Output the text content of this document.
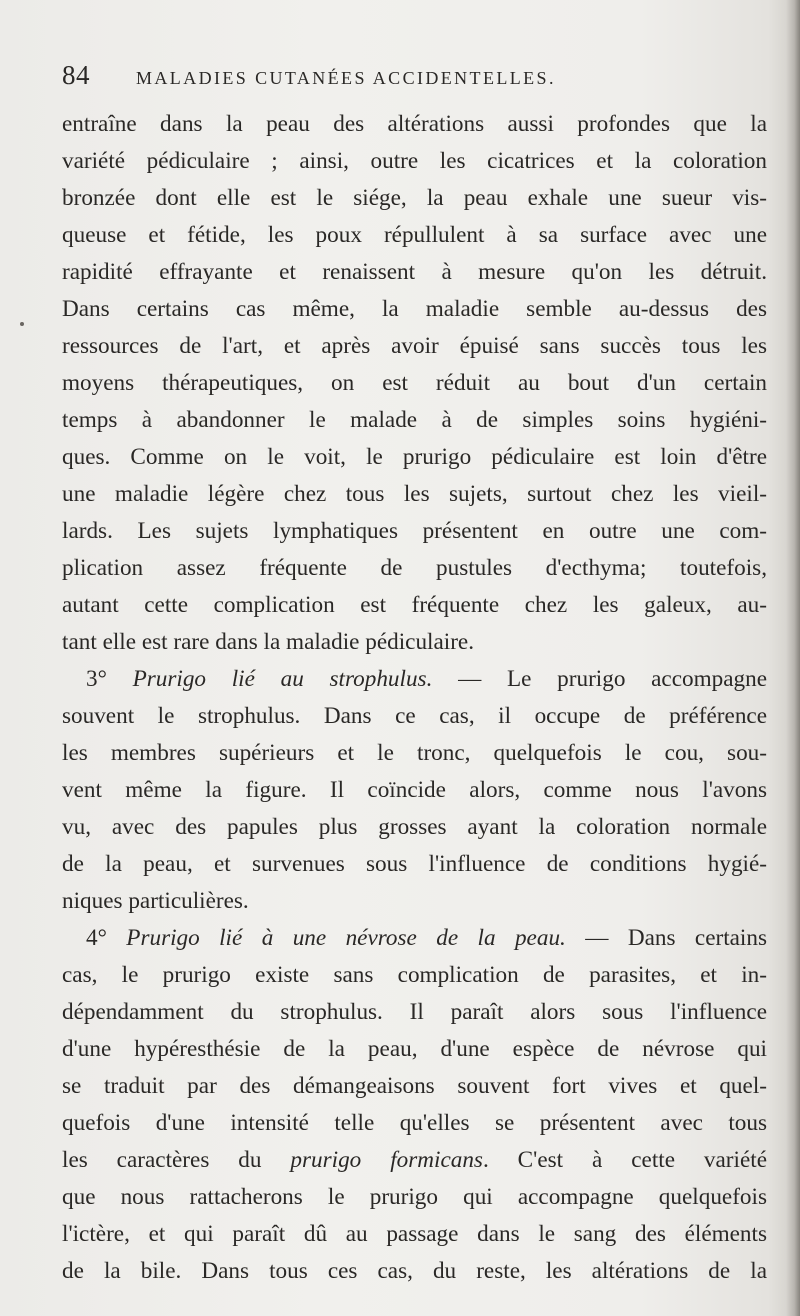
84	MALADIES CUTANÉES ACCIDENTELLES.
entraîne dans la peau des altérations aussi profondes que la
variété pédiculaire ; ainsi, outre les cicatrices et la coloration
bronzée dont elle est le siége, la peau exhale une sueur vis-
queuse et fétide, les poux répullulent à sa surface avec une
rapidité effrayante et renaissent à mesure qu'on les détruit.
Dans certains cas même, la maladie semble au-dessus des
ressources de l'art, et après avoir épuisé sans succès tous les
moyens thérapeutiques, on est réduit au bout d'un certain
temps à abandonner le malade à de simples soins hygiéni-
ques. Comme on le voit, le prurigo pédiculaire est loin d'être
une maladie légère chez tous les sujets, surtout chez les vieil-
lards. Les sujets lymphatiques présentent en outre une com-
plication assez fréquente de pustules d'ecthyma; toutefois,
autant cette complication est fréquente chez les galeux, au-
tant elle est rare dans la maladie pédiculaire.
3° Prurigo lié au strophulus. — Le prurigo accompagne
souvent le strophulus. Dans ce cas, il occupe de préférence
les membres supérieurs et le tronc, quelquefois le cou, sou-
vent même la figure. Il coïncide alors, comme nous l'avons
vu, avec des papules plus grosses ayant la coloration normale
de la peau, et survenues sous l'influence de conditions hygié-
niques particulières.
4° Prurigo lié à une névrose de la peau. — Dans certains
cas, le prurigo existe sans complication de parasites, et in-
dépendamment du strophulus. Il paraît alors sous l'influence
d'une hypéresthésie de la peau, d'une espèce de névrose qui
se traduit par des démangeaisons souvent fort vives et quel-
quefois d'une intensité telle qu'elles se présentent avec tous
les caractères du prurigo formicans. C'est à cette variété
que nous rattacherons le prurigo qui accompagne quelquefois
l'ictère, et qui paraît dû au passage dans le sang des éléments
de la bile. Dans tous ces cas, du reste, les altérations de la
